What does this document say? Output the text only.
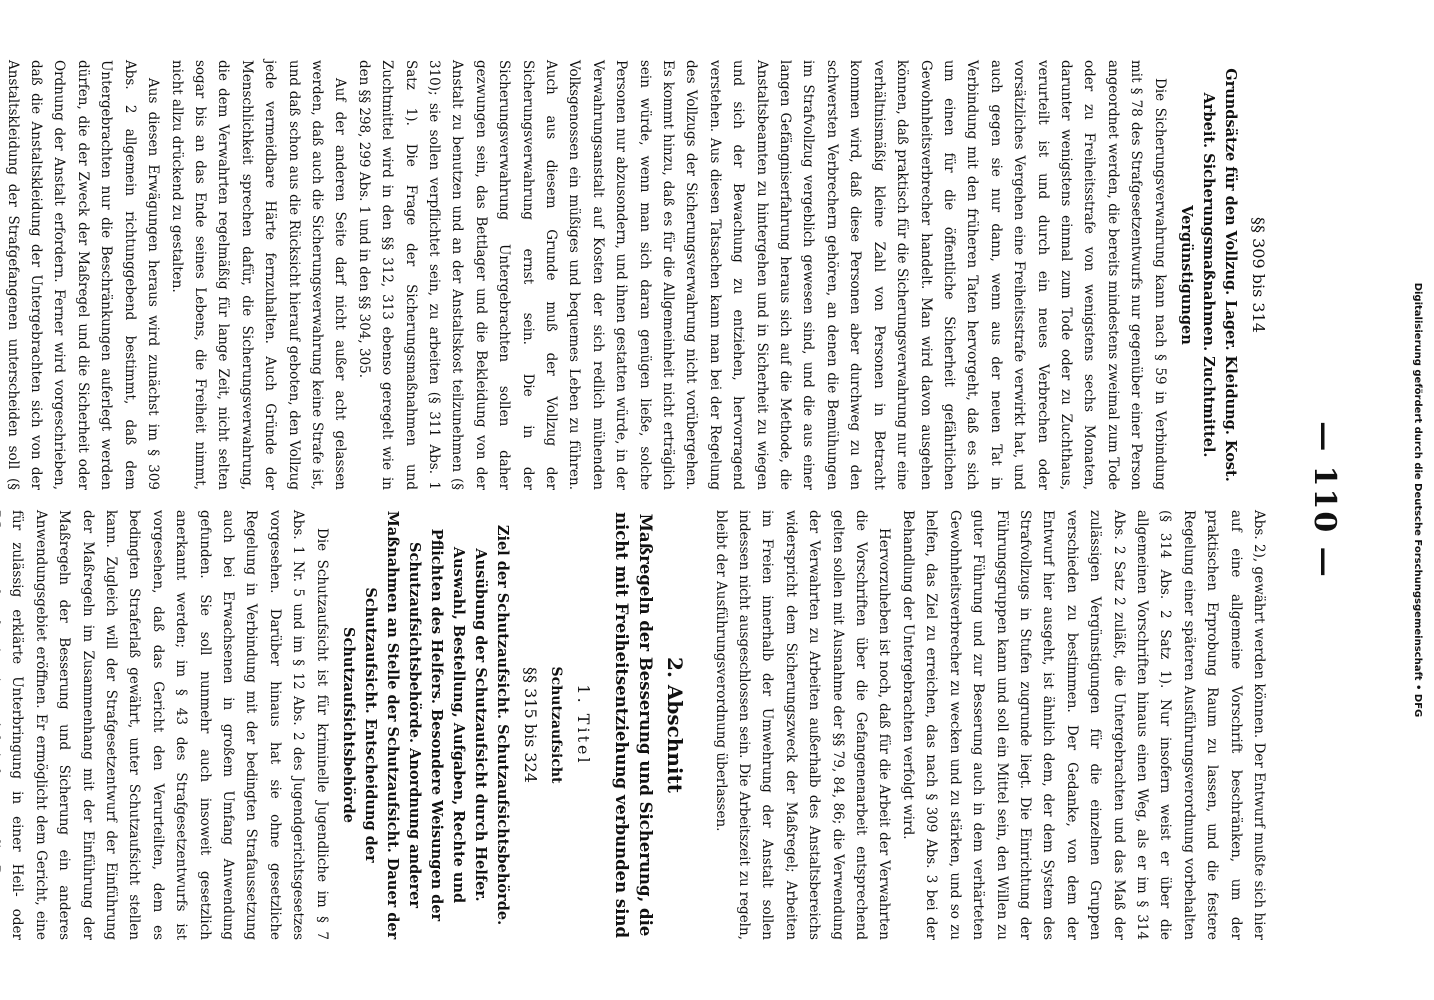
— 110 —
§§ 309 bis 314
Grundsätze für den Vollzug. Lager. Kleidung. Kost. Arbeit. Sicherungsmaßnahmen. Zuchtmittel. Vergünstigungen

Die Sicherungsverwahrung kann nach § 59 in Verbindung mit § 78 des Strafgesetzentwurfs nur gegenüber einer Person angeordnet werden, die bereits mindestens zweimal zum Tode oder zu Freiheitsstrafe von wenigstens sechs Monaten, darunter wenigstens einmal zum Tode oder zu Zuchthaus, verurteilt ist und durch ein neues Verbrechen oder vorsätzliches Vergehen eine Freiheitsstrafe verwirkt hat, und auch gegen sie nur dann, wenn aus der neuen Tat in Verbindung mit den früheren Taten hervorgeht, daß es sich um einen für die öffentliche Sicherheit gefährlichen Gewohnheitsverbrecher handelt. Man wird davon ausgehen können, daß praktisch für die Sicherungsverwahrung nur eine verhältnismäßig kleine Zahl von Personen in Betracht kommen wird, daß diese Personen aber durchweg zu den schwersten Verbrechern gehören, an denen die Bemühungen im Strafvollzug vergeblich gewesen sind, und die aus einer langen Gefängniserfahrung heraus sich auf die Methode, die Anstaltsbeamten zu hintergehen und in Sicherheit zu wiegen und sich der Bewachung zu entziehen, hervorragend verstehen. Aus diesen Tatsachen kann man bei der Regelung des Vollzugs der Sicherungsverwahrung nicht vorübergehen. Es kommt hinzu, daß es für die Allgemeinheit nicht erträglich sein würde, wenn man sich daran genügen ließe, solche Personen nur abzusondern, und ihnen gestatten würde, in der Verwahrungsanstalt auf Kosten der sich redlich mühenden Volksgenossen ein müßiges und bequemes Leben zu führen. Auch aus diesem Grunde muß der Vollzug der Sicherungsverwahrung ernst sein. Die in der Sicherungsverwahrung Untergebrachten sollen daher gezwungen sein, das Bettlager und die Bekleidung von der Anstalt zu benutzen und an der Anstaltskost teilzunehmen (§ 310); sie sollen verpflichtet sein, zu arbeiten (§ 311 Abs. 1 Satz 1). Die Frage der Sicherungsmaßnahmen und Zuchtmittel wird in den §§ 312, 313 ebenso geregelt wie in den §§ 298, 299 Abs. 1 und in den §§ 304, 305.

Auf der anderen Seite darf nicht außer acht gelassen werden, daß auch die Sicherungsverwahrung keine Strafe ist, und daß schon aus die Rücksicht hierauf geboten, den Vollzug jede vermeidbare Härte fernzuhalten. Auch Gründe der Menschlichkeit sprechen dafür, die Sicherungsverwahrung, die dem Verwahrten regelmäßig für lange Zeit, nicht selten sogar bis an das Ende seines Lebens, die Freiheit nimmt, nicht allzu drückend zu gestalten.

Aus diesen Erwägungen heraus wird zunächst im § 309 Abs. 2 allgemein richtunggebend bestimmt, daß dem Untergebrachten nur die Beschränkungen auferlegt werden dürfen, die der Zweck der Maßregel und die Sicherheit oder Ordnung der Anstalt erfordern. Ferner wird vorgeschrieben, daß die Anstaltskleidung der Untergebrachten sich von der Anstaltskleidung der Strafgefangenen unterscheiden soll (§

Abs. 2), gewährt werden können. Der Entwurf mußte sich hier auf eine allgemeine Vorschrift beschränken, um der praktischen Erprobung Raum zu lassen, und die festere Regelung einer späteren Ausführungsverordnung vorbehalten (§ 314 Abs. 2 Satz 1). Nur insofern weist er über die allgemeinen Vorschriften hinaus einen Weg, als er im § 314 Abs. 2 Satz 2 zuläßt, die Untergebrachten und das Maß der zulässigen Vergünstigungen für die einzelnen Gruppen verschieden zu bestimmen. Der Gedanke, von dem der Entwurf hier ausgeht, ist ähnlich dem, der dem System des Strafvollzugs in Stufen zugrunde liegt. Die Einrichtung der Führungsgruppen kann und soll ein Mittel sein, den Willen zu guter Führung und zur Besserung auch in dem verhärteten Gewohnheitsverbrecher zu wecken und zu stärken, und so zu helfen, das Ziel zu erreichen, das nach § 309 Abs. 3 bei der Behandlung der Untergebrachten verfolgt wird.

Hervorzuheben ist noch, daß für die Arbeit der Verwahrten die Vorschriften über die Gefangenenarbeit entsprechend gelten sollen mit Ausnahme der §§ 79, 84, 86; die Verwendung der Verwahrten zu Arbeiten außerhalb des Anstaltsbereichs widerspricht dem Sicherungszweck der Maßregel; Arbeiten im Freien innerhalb der Umwehrung der Anstalt sollen indessen nicht ausgeschlossen sein. Die Arbeitszeit zu regeln, bleibt der Ausführungsverordnung überlassen.

2. Abschnitt
Maßregeln der Besserung und Sicherung, die nicht mit Freiheitsentziehung verbunden sind
1. Titel
Schutzaufsicht
§§ 315 bis 324
Ziel der Schutzaufsicht. Schutzaufsichtsbehörde. Ausübung der Schutzaufsicht durch Helfer. Auswahl, Bestellung, Aufgaben, Rechte und Pflichten des Helfers. Besondere Weisungen der Schutzaufsichtsbehörde. Anordnung anderer Maßnahmen an Stelle der Schutzaufsicht. Dauer der Schutzaufsicht. Entscheidung der Schutzaufsichtsbehörde

Die Schutzaufsicht ist für kriminelle Jugendliche im § 7 Abs. 1 Nr. 5 und im § 12 Abs. 2 des Jugendgerichtsgesetzes vorgesehen. Darüber hinaus hat sie ohne gesetzliche Regelung in Verbindung mit der bedingten Strafaussetzung auch bei Erwachsenen in großem Umfang Anwendung gefunden. Sie soll nunmehr auch insoweit gesetzlich anerkannt werden; im § 43 des Strafgesetzentwurfs ist vorgesehen, daß das Gericht den Verurteilten, dem es bedingten Straferlaß gewährt, unter Schutzaufsicht stellen kann. Zugleich will der Strafgesetzentwurf der Einführung der Maßregeln im Zusammenhang mit der Einführung der Maßregeln der Besserung und Sicherung ein anderes Anwendungsgebiet eröffnen. Er ermöglicht dem Gericht, eine für zulässig erklärte Unterbringung in einer Heil- oder

Digitalisierung gefördert durch die Deutsche Forschungsgemeinschaft • DFG
